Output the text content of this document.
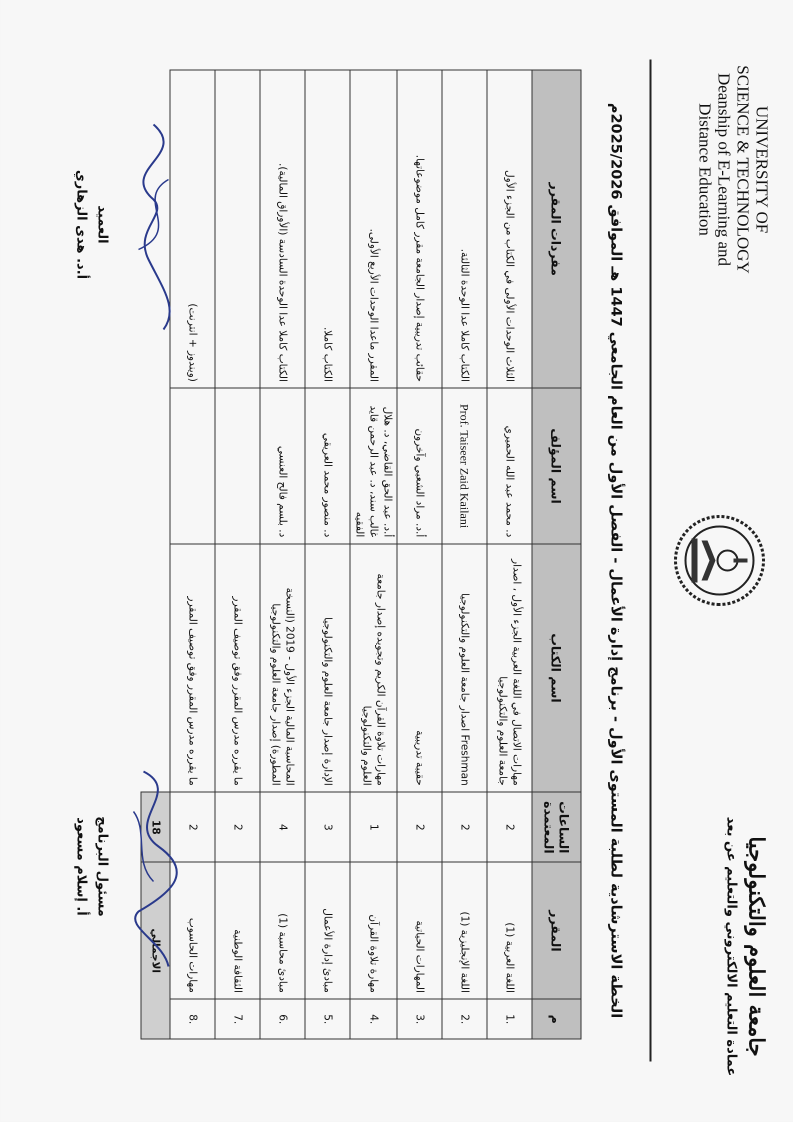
UNIVERSITY OF
SCIENCE & TECHNOLOGY
Deanship of E-Learning and
Distance Education
جامعة العلوم والتكنولوجيا
عمادة التعليم الالكتروني والتعليم عن بعد
الخطة الاسترشادية لطلبة المستوى الأول - برنامج إدارة الأعمال - الفصل الأول من العام الجامعي 1447 هـ الموافق 2025/2026م
م	المقرر	الساعات المعتمدة	اسم الكتاب	اسم المؤلف	مفردات المقرر
.1	اللغة العربية (1)	2	مهارات الاتصال في اللغة العربية الجزء الأول ، اصدار جامعة العلوم والتكنولوجيا	د. محمد عبد الله الحميري	الثلاث الوحدات الأولى في الكتاب من الجزء الأول
.2	اللغة الإنجليزية (1)	2	Freshman اصدار جامعة العلوم والتكنولوجيا	Prof. Taiseer Zaid Kailani	الكتاب كاملا عدا الوحدة الثالثة.
.3	المهارات الحياتية	2	حقيبة تدريبية	أ.د. مراد الشعبي وآخرون	حقائب تدريبية إصدار الجامعة مقرر كامل موضوعاتها.
.4	مهارة تلاوة القرآن	1	مهارات تلاوة القرآن الكريم وتجويده إصدار جامعة العلوم والتكنولوجيا	أ.د. عبد الحق القاضي، د. هلال غالب سند، د. عبد الرحمن قايد الفقيه	المقرر ماعدا الوحدات الأربع الأولى.
.5	مبادئ إدارة الأعمال	3	الإدارة إصدار جامعة العلوم والتكنولوجيا	د. منصور محمد العريقي	الكتاب كاملا.
.6	مبادئ محاسبة (1)	4	المحاسبة المالية الجزء الأول - 2019 (النسخة المطورة) إصدار جامعة العلوم والتكنولوجيا	د. بلسم فالح العنسي	الكتاب كاملا عدا الوحدة السادسة (الأوراق المالية).
.7	الثقافة الوطنية	2	ما يقرره مدرس المقرر وفق توصيف المقرر		
.8	مهارات الحاسوب	2	ما يقرره مدرس المقرر وفق توصيف المقرر		(ويندوز + انترنت)
الاجمالي		18			
مسئول البرنامج
أ. إسلام مسعود
العميد
أ.د. هدى الزهاري
